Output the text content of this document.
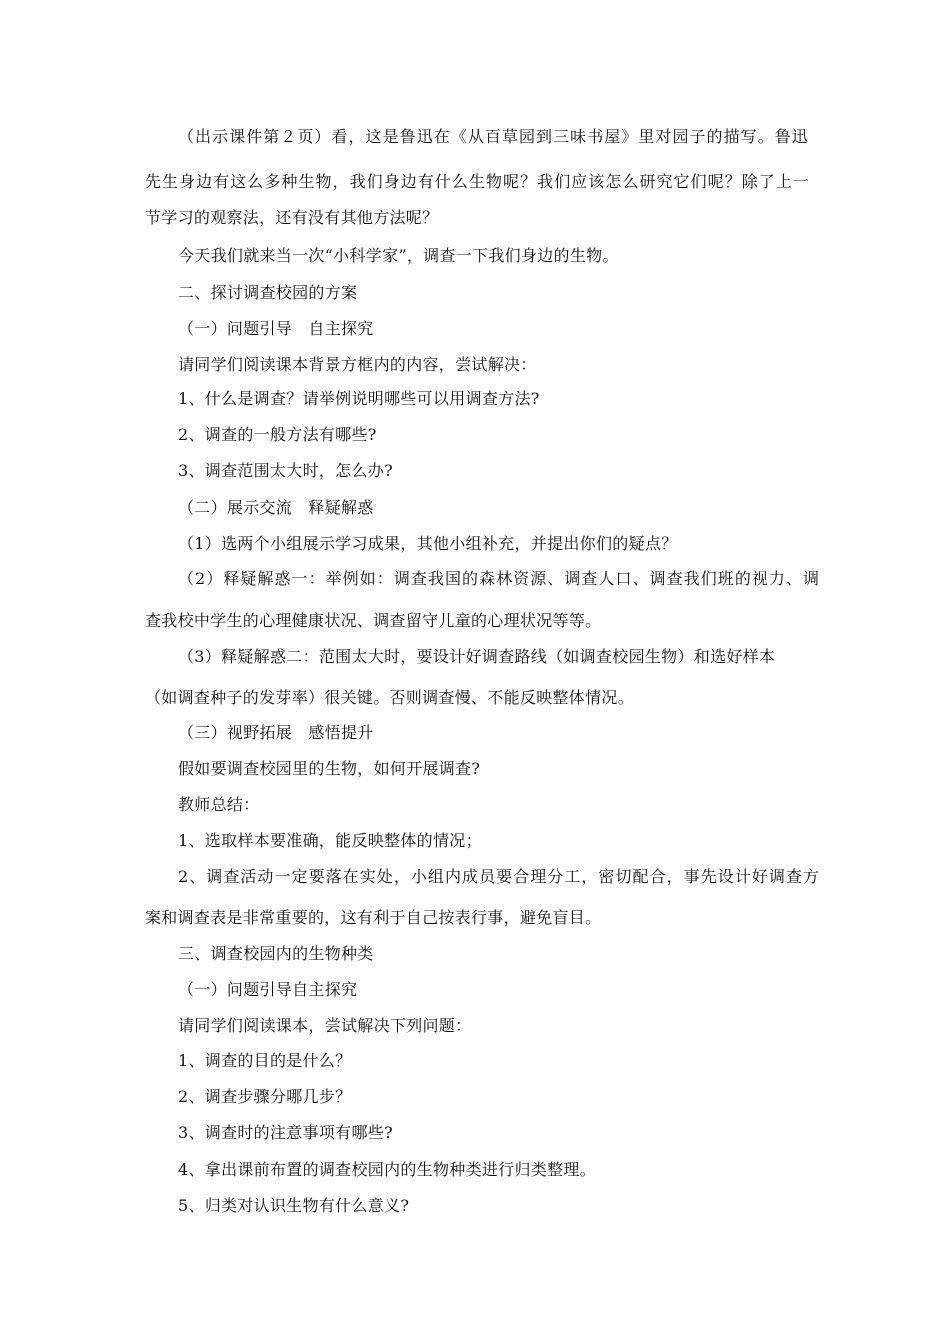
（出示课件第２页）看，这是鲁迅在《从百草园到三味书屋》里对园子的描写。鲁迅
先生身边有这么多种生物，我们身边有什么生物呢？我们应该怎么研究它们呢？除了上一
节学习的观察法，还有没有其他方法呢？
今天我们就来当一次“小科学家”，调查一下我们身边的生物。
二、探讨调查校园的方案
（一）问题引导　自主探究
请同学们阅读课本背景方框内的内容，尝试解决：
1、什么是调查？请举例说明哪些可以用调查方法?
2、调查的一般方法有哪些?
3、调查范围太大时，怎么办?
（二）展示交流　释疑解惑
（1）选两个小组展示学习成果，其他小组补充，并提出你们的疑点？
（2）释疑解惑一：举例如：调查我国的森林资源、调查人口、调查我们班的视力、调
查我校中学生的心理健康状况、调查留守儿童的心理状况等等。
（3）释疑解惑二：范围太大时，要设计好调查路线（如调查校园生物）和选好样本
（如调查种子的发芽率）很关键。否则调查慢、不能反映整体情况。
（三）视野拓展　感悟提升
假如要调查校园里的生物，如何开展调查?
教师总结：
1、选取样本要准确，能反映整体的情况；
2、调查活动一定要落在实处，小组内成员要合理分工，密切配合，事先设计好调查方
案和调查表是非常重要的，这有利于自己按表行事，避免盲目。
三、调查校园内的生物种类
（一）问题引导自主探究
请同学们阅读课本，尝试解决下列问题：
1、调查的目的是什么？
2、调查步骤分哪几步？
3、调查时的注意事项有哪些?
4、拿出课前布置的调查校园内的生物种类进行归类整理。
5、归类对认识生物有什么意义?
